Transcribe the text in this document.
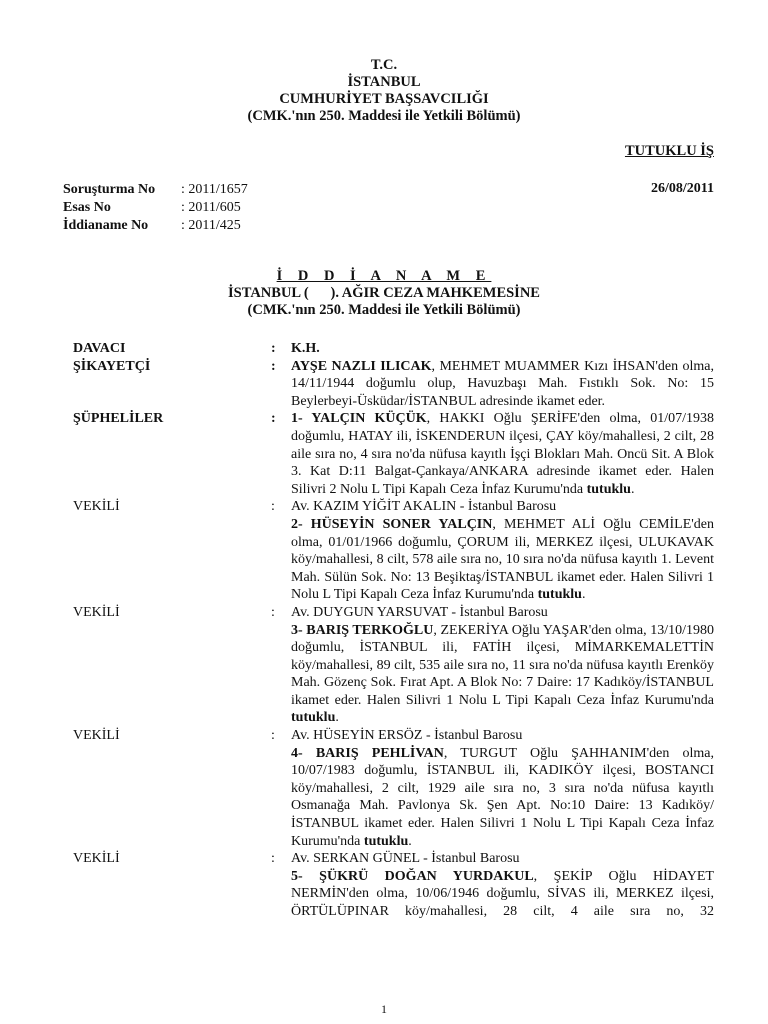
T.C.
İSTANBUL
CUMHURİYET BAŞSAVCILIĞI
(CMK.'nın 250. Maddesi ile Yetkili Bölümü)
TUTUKLU İŞ
Soruşturma No	: 2011/1657
Esas No	: 2011/605
İddianame No	: 2011/425
26/08/2011
İ D D İ A N A M E
İSTANBUL (      ). AĞIR CEZA MAHKEMESİNE
(CMK.'nın 250. Maddesi ile Yetkili Bölümü)
DAVACI	:	K.H.
ŞİKAYETÇİ	:	AYŞE NAZLI ILICAK, MEHMET MUAMMER Kızı İHSAN'den olma, 14/11/1944 doğumlu olup, Havuzbaşı Mah. Fıstıklı Sok. No: 15 Beylerbeyi-Üsküdar/İSTANBUL adresinde ikamet eder.

ŞÜPHELİLER	:	1- YALÇIN KÜÇÜK, HAKKI Oğlu ŞERİFE'den olma, 01/07/1938 doğumlu, HATAY ili, İSKENDERUN ilçesi, ÇAY köy/mahallesi, 2 cilt, 28 aile sıra no, 4 sıra no'da nüfusa kayıtlı İşçi Blokları Mah. Oncü Sit. A Blok 3. Kat D:11 Balgat-Çankaya/ANKARA adresinde ikamet eder. Halen Silivri 2 Nolu L Tipi Kapalı Ceza İnfaz Kurumu'nda tutuklu.

VEKİLİ	:	Av. KAZIM YİĞİT AKALIN - İstanbul Barosu

2- HÜSEYİN SONER YALÇIN, MEHMET ALİ Oğlu CEMİLE'den olma, 01/01/1966 doğumlu, ÇORUM ili, MERKEZ ilçesi, ULUKAVAK köy/mahallesi, 8 cilt, 578 aile sıra no, 10 sıra no'da nüfusa kayıtlı 1. Levent Mah. Sülün Sok. No: 13 Beşiktaş/İSTANBUL ikamet eder. Halen Silivri 1 Nolu L Tipi Kapalı Ceza İnfaz Kurumu'nda tutuklu.

VEKİLİ	:	Av. DUYGUN YARSUVAT - İstanbul Barosu

3- BARIŞ TERKOĞLU, ZEKERİYA Oğlu YAŞAR'den olma, 13/10/1980 doğumlu, İSTANBUL ili, FATİH ilçesi, MİMARKEMALETTİN köy/mahallesi, 89 cilt, 535 aile sıra no, 11 sıra no'da nüfusa kayıtlı Erenköy Mah. Gözenç Sok. Fırat Apt. A Blok No: 7 Daire: 17 Kadıköy/İSTANBUL ikamet eder. Halen Silivri 1 Nolu L Tipi Kapalı Ceza İnfaz Kurumu'nda tutuklu.

VEKİLİ	:	Av. HÜSEYİN ERSÖZ - İstanbul Barosu

4- BARIŞ PEHLİVAN, TURGUT Oğlu ŞAHHANIM'den olma, 10/07/1983 doğumlu, İSTANBUL ili, KADIKÖY ilçesi, BOSTANCI köy/mahallesi, 2 cilt, 1929 aile sıra no, 3 sıra no'da nüfusa kayıtlı Osmanağa Mah. Pavlonya Sk. Şen Apt. No:10 Daire: 13 Kadıköy/İSTANBUL ikamet eder. Halen Silivri 1 Nolu L Tipi Kapalı Ceza İnfaz Kurumu'nda tutuklu.

VEKİLİ	:	Av. SERKAN GÜNEL - İstanbul Barosu

5- ŞÜKRÜ DOĞAN YURDAKUL, ŞEKİP Oğlu HİDAYET NERMİN'den olma, 10/06/1946 doğumlu, SİVAS ili, MERKEZ ilçesi, ÖRTÜLÜPINAR köy/mahallesi, 28 cilt, 4 aile sıra no, 32

1
